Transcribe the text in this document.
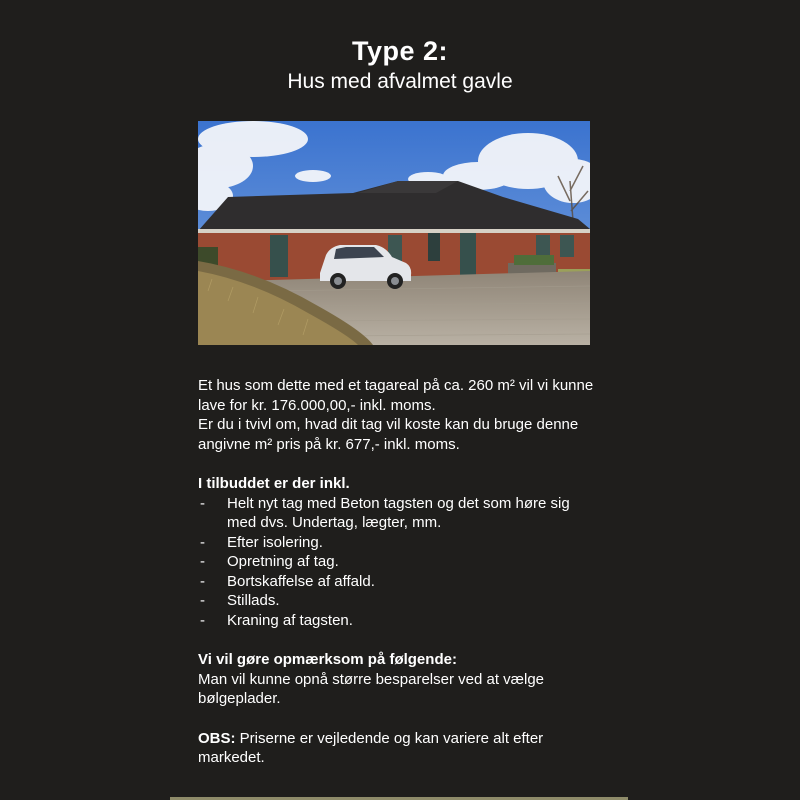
Type 2:
Hus med afvalmet gavle

Et hus som dette med et tagareal på ca. 260 m² vil vi kunne lave for kr. 176.000,00,- inkl. moms.

Er du i tvivl om, hvad dit tag vil koste kan du bruge denne angivne m² pris på kr. 677,- inkl. moms.

I tilbuddet er der inkl.

- Helt nyt tag med Beton tagsten og det som høre sig med dvs. Undertag, lægter, mm.
- Efter isolering.
- Opretning af tag.
- Bortskaffelse af affald.
- Stillads.
- Kraning af tagsten.

Vi vil gøre opmærksom på følgende:

Man vil kunne opnå større besparelser ved at vælge bølgeplader.

OBS: Priserne er vejledende og kan variere alt efter markedet.
